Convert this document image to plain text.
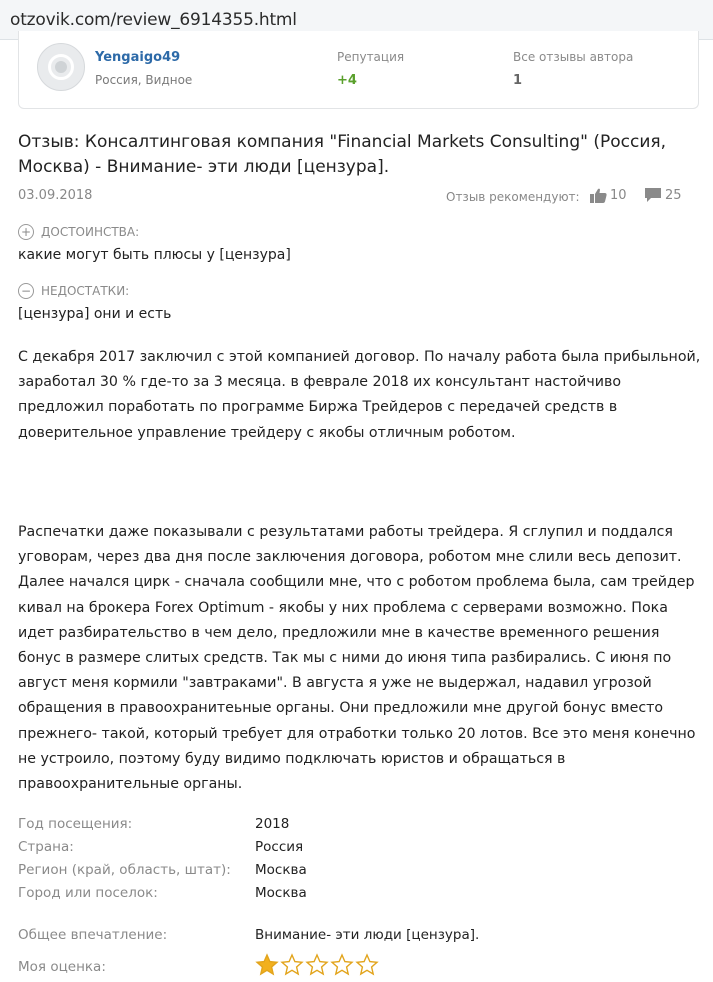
otzovik.com/review_6914355.html
Yengaigo49
Россия, Видное
Репутация
+4
Все отзывы автора
1
Отзыв: Консалтинговая компания "Financial Markets Consulting" (Россия, Москва) - Внимание- эти люди [цензура].
03.09.2018	Отзыв рекомендуют: 10	25
+ ДОСТОИНСТВА:
какие могут быть плюсы у [цензура]
− НЕДОСТАТКИ:
[цензура] они и есть

С декабря 2017 заключил с этой компанией договор. По началу работа была прибыльной, заработал 30 % где-то за 3 месяца. в феврале 2018 их консультант настойчиво предложил поработать по программе Биржа Трейдеров с передачей средств в доверительное управление трейдеру с якобы отличным роботом.

Распечатки даже показывали с результатами работы трейдера. Я сглупил и поддался уговорам, через два дня после заключения договора, роботом мне слили весь депозит. Далее начался цирк - сначала сообщили мне, что с роботом проблема была, сам трейдер кивал на брокера Forex Optimum - якобы у них проблема с серверами возможно. Пока идет разбирательство в чем дело, предложили мне в качестве временного решения бонус в размере слитых средств. Так мы с ними до июня типа разбирались. С июня по август меня кормили "завтраками". В августа я уже не выдержал, надавил угрозой обращения в правоохранитеьные органы. Они предложили мне другой бонус вместо прежнего- такой, который требует для отработки только 20 лотов. Все это меня конечно не устроило, поэтому буду видимо подключать юристов и обращаться в правоохранительные органы.

Год посещения:	2018
Страна:	Россия
Регион (край, область, штат): Москва
Город или поселок:	Москва
Общее впечатление:	Внимание- эти люди [цензура].
Моя оценка:
